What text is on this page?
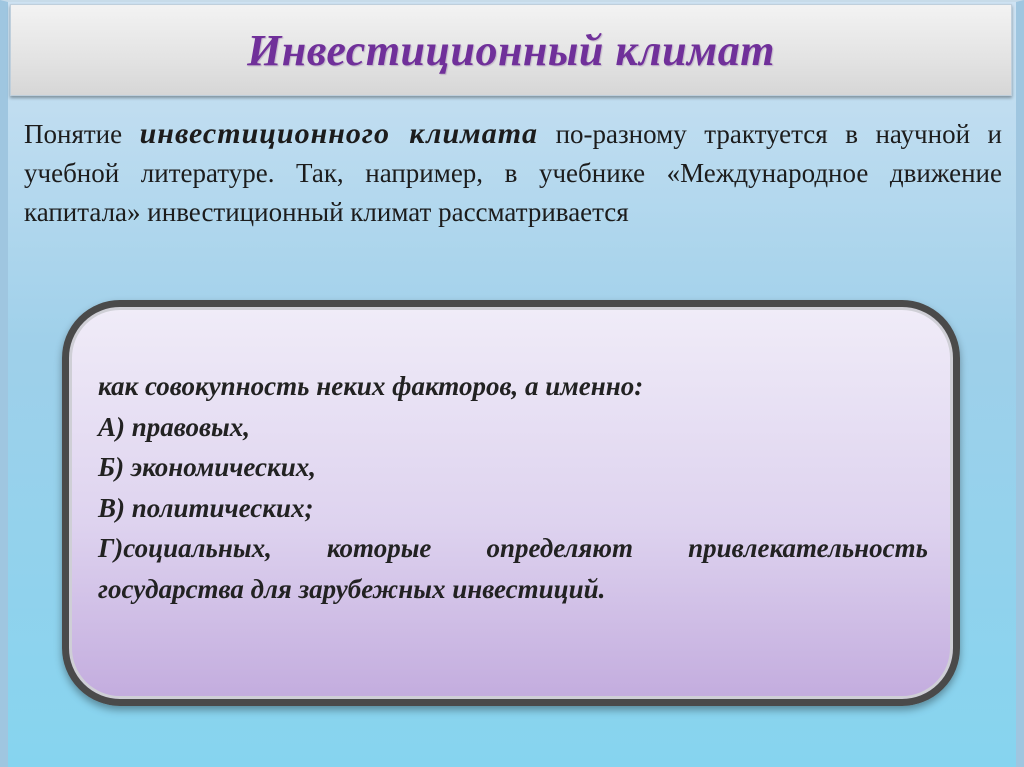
Инвестиционный климат
Понятие инвестиционного климата по-разному трактуется в научной и учебной литературе. Так, например, в учебнике «Международное движение капитала» инвестиционный климат рассматривается
как совокупность неких факторов, а именно:
А) правовых,
Б) экономических,
В) политических;
Г)социальных, которые определяют привлекательность государства для зарубежных инвестиций.
